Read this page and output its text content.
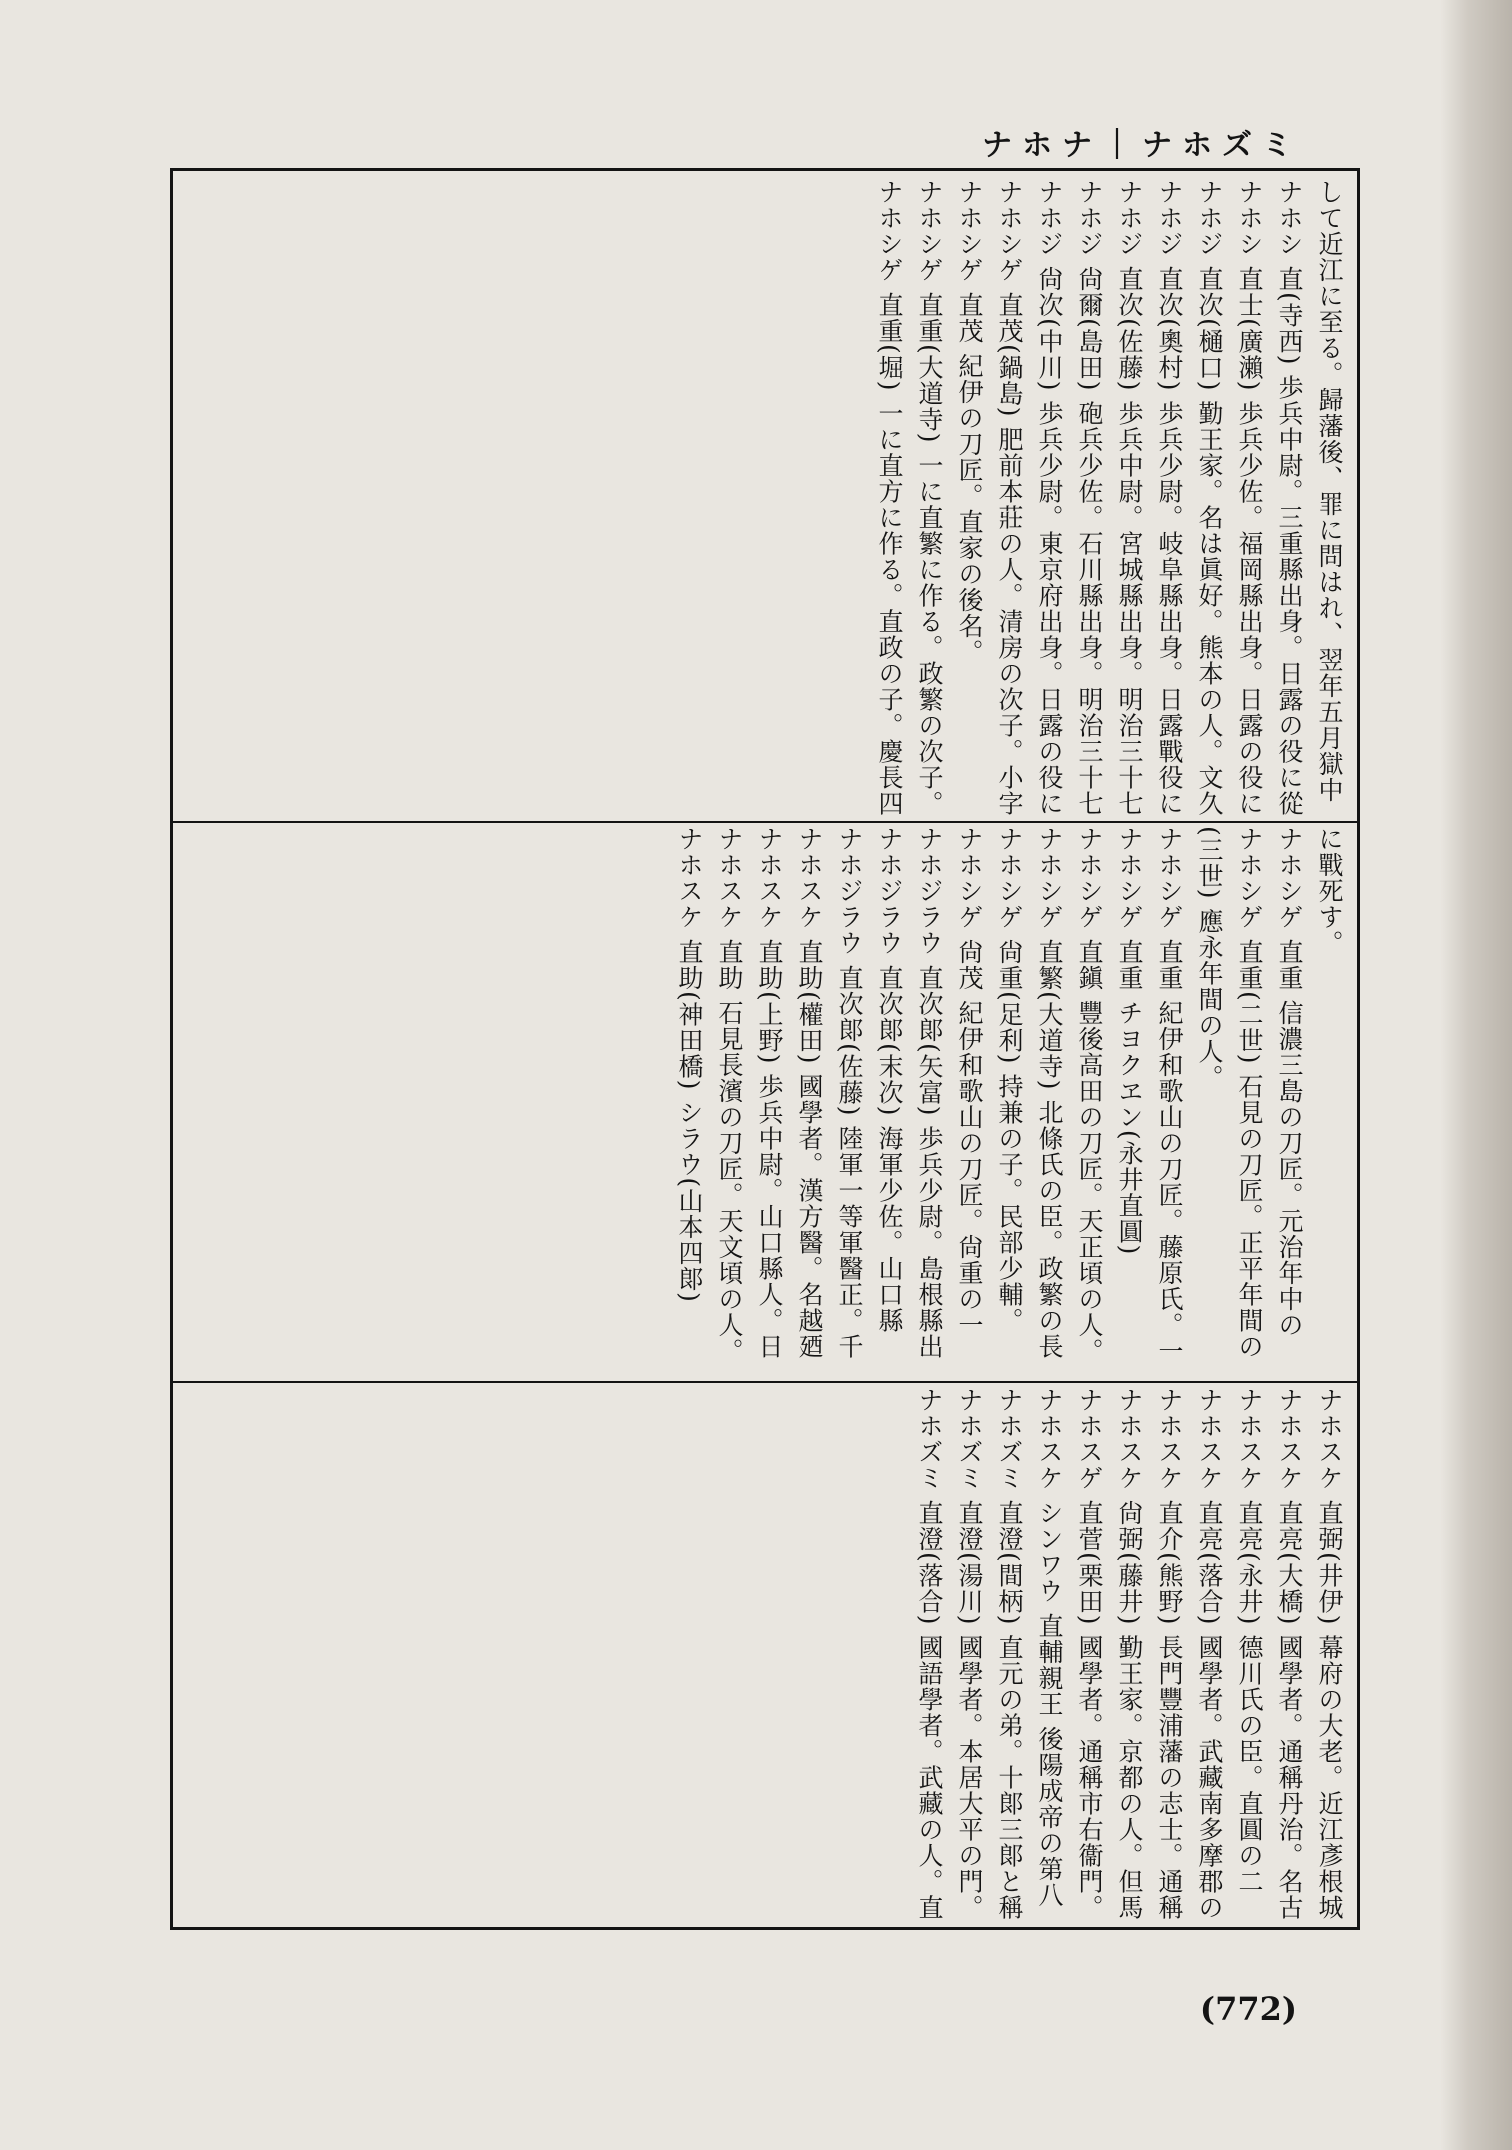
ナホナ｜ナホズミ
して近江に至る。歸藩後、罪に問はれ、翌年五月獄中
ナホシ 直(寺西) 歩兵中尉。三重縣出身。日露の役に從
ナホシ 直士(廣瀨) 歩兵少佐。福岡縣出身。日露の役に
ナホジ 直次(樋口) 勤王家。名は眞好。熊本の人。文久
ナホジ 直次(奧村) 歩兵少尉。岐阜縣出身。日露戰役に
ナホジ 直次(佐藤) 歩兵中尉。宮城縣出身。明治三十七
ナホジ 尙爾(島田) 砲兵少佐。石川縣出身。明治三十七
ナホジ 尙次(中川) 歩兵少尉。東京府出身。日露の役に
ナホシゲ 直茂(鍋島) 肥前本莊の人。清房の次子。小字
ナホシゲ 直茂 紀伊の刀匠。直家の後名。
ナホシゲ 直重(大道寺) 一に直繁に作る。政繁の次子。
ナホシゲ 直重(堀) 一に直方に作る。直政の子。慶長四
に戰死す。
ナホシゲ 直重 信濃三島の刀匠。元治年中の
ナホシゲ 直重(二世) 石見の刀匠。正平年間の
(三世) 應永年間の人。
ナホシゲ 直重 紀伊和歌山の刀匠。藤原氏。一
ナホシゲ 直重 チヨクヱン(永井直圓)
ナホシゲ 直鎭 豐後高田の刀匠。天正頃の人。
ナホシゲ 直繁(大道寺) 北條氏の臣。政繁の長
ナホシゲ 尙重(足利) 持兼の子。民部少輔。
ナホシゲ 尙茂 紀伊和歌山の刀匠。尙重の一
ナホジラウ 直次郞(矢富) 歩兵少尉。島根縣出
ナホジラウ 直次郞(末次) 海軍少佐。山口縣
ナホジラウ 直次郞(佐藤) 陸軍一等軍醫正。千
ナホスケ 直助(權田) 國學者。漢方醫。名越廼
ナホスケ 直助(上野) 歩兵中尉。山口縣人。日
ナホスケ 直助 石見長濱の刀匠。天文頃の人。
ナホスケ 直助(神田橋) シラウ(山本四郞)
ナホスケ 直弼(井伊) 幕府の大老。近江彥根城
ナホスケ 直亮(大橋) 國學者。通稱丹治。名古
ナホスケ 直亮(永井) 德川氏の臣。直圓の二
ナホスケ 直亮(落合) 國學者。武藏南多摩郡の
ナホスケ 直介(熊野) 長門豐浦藩の志士。通稱
ナホスケ 尙弼(藤井) 勤王家。京都の人。但馬
ナホスゲ 直菅(栗田) 國學者。通稱市右衞門。
ナホスケ シンワウ 直輔親王 後陽成帝の第八
ナホズミ 直澄(間柄) 直元の弟。十郞三郞と稱
ナホズミ 直澄(湯川) 國學者。本居大平の門。
ナホズミ 直澄(落合) 國語學者。武藏の人。直
(772)
